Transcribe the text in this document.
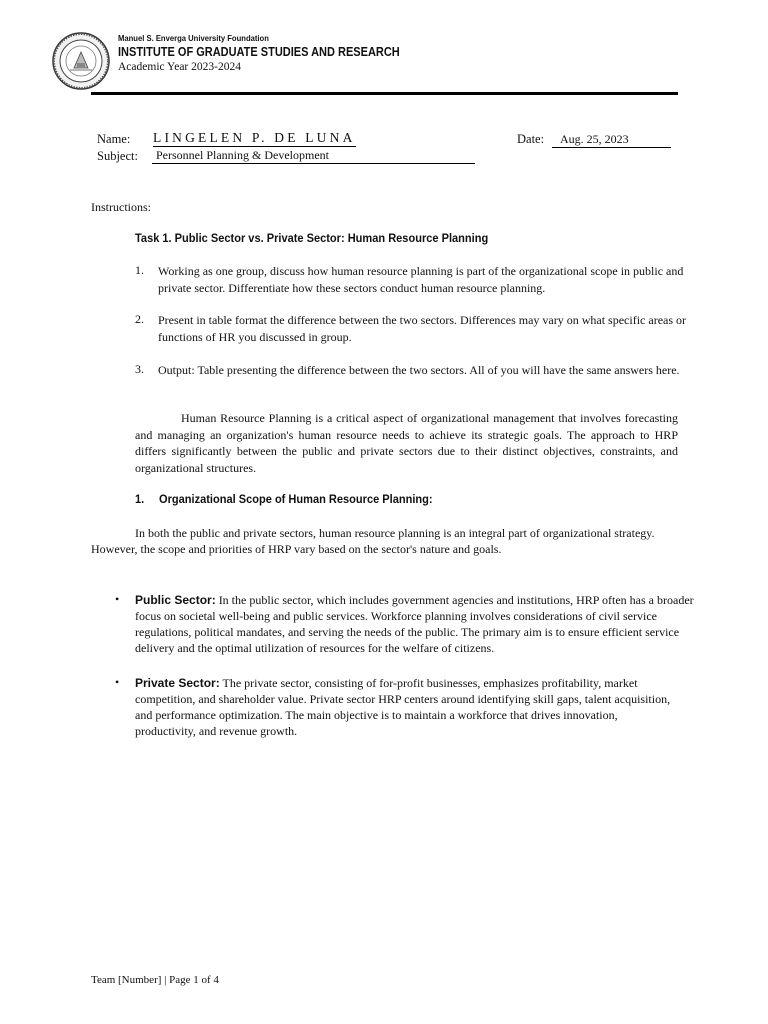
Manuel S. Enverga University Foundation
INSTITUTE OF GRADUATE STUDIES AND RESEARCH
Academic Year 2023-2024
Name: LINGELEN P. DE LUNA	Date:	Aug. 25, 2023
Subject:	Personnel Planning & Development
Instructions:
Task 1. Public Sector vs. Private Sector: Human Resource Planning
1. Working as one group, discuss how human resource planning is part of the organizational scope in public and
private sector. Differentiate how these sectors conduct human resource planning.
2. Present in table format the difference between the two sectors. Differences may vary on what specific areas or
functions of HR you discussed in group.
3. Output: Table presenting the difference between the two sectors. All of you will have the same answers here.
Human Resource Planning is a critical aspect of organizational management that involves forecasting and managing an organization's human resource needs to achieve its strategic goals. The approach to HRP differs significantly between the public and private sectors due to their distinct objectives, constraints, and organizational structures.
1. Organizational Scope of Human Resource Planning:
In both the public and private sectors, human resource planning is an integral part of organizational strategy.
However, the scope and priorities of HRP vary based on the sector's nature and goals.
• Public Sector: In the public sector, which includes government agencies and institutions, HRP often has a broader
focus on societal well-being and public services. Workforce planning involves considerations of civil service
regulations, political mandates, and serving the needs of the public. The primary aim is to ensure efficient service
delivery and the optimal utilization of resources for the welfare of citizens.
• Private Sector: The private sector, consisting of for-profit businesses, emphasizes profitability, market
competition, and shareholder value. Private sector HRP centers around identifying skill gaps, talent acquisition,
and performance optimization. The main objective is to maintain a workforce that drives innovation,
productivity, and revenue growth.
Team [Number] | Page 1 of 4
